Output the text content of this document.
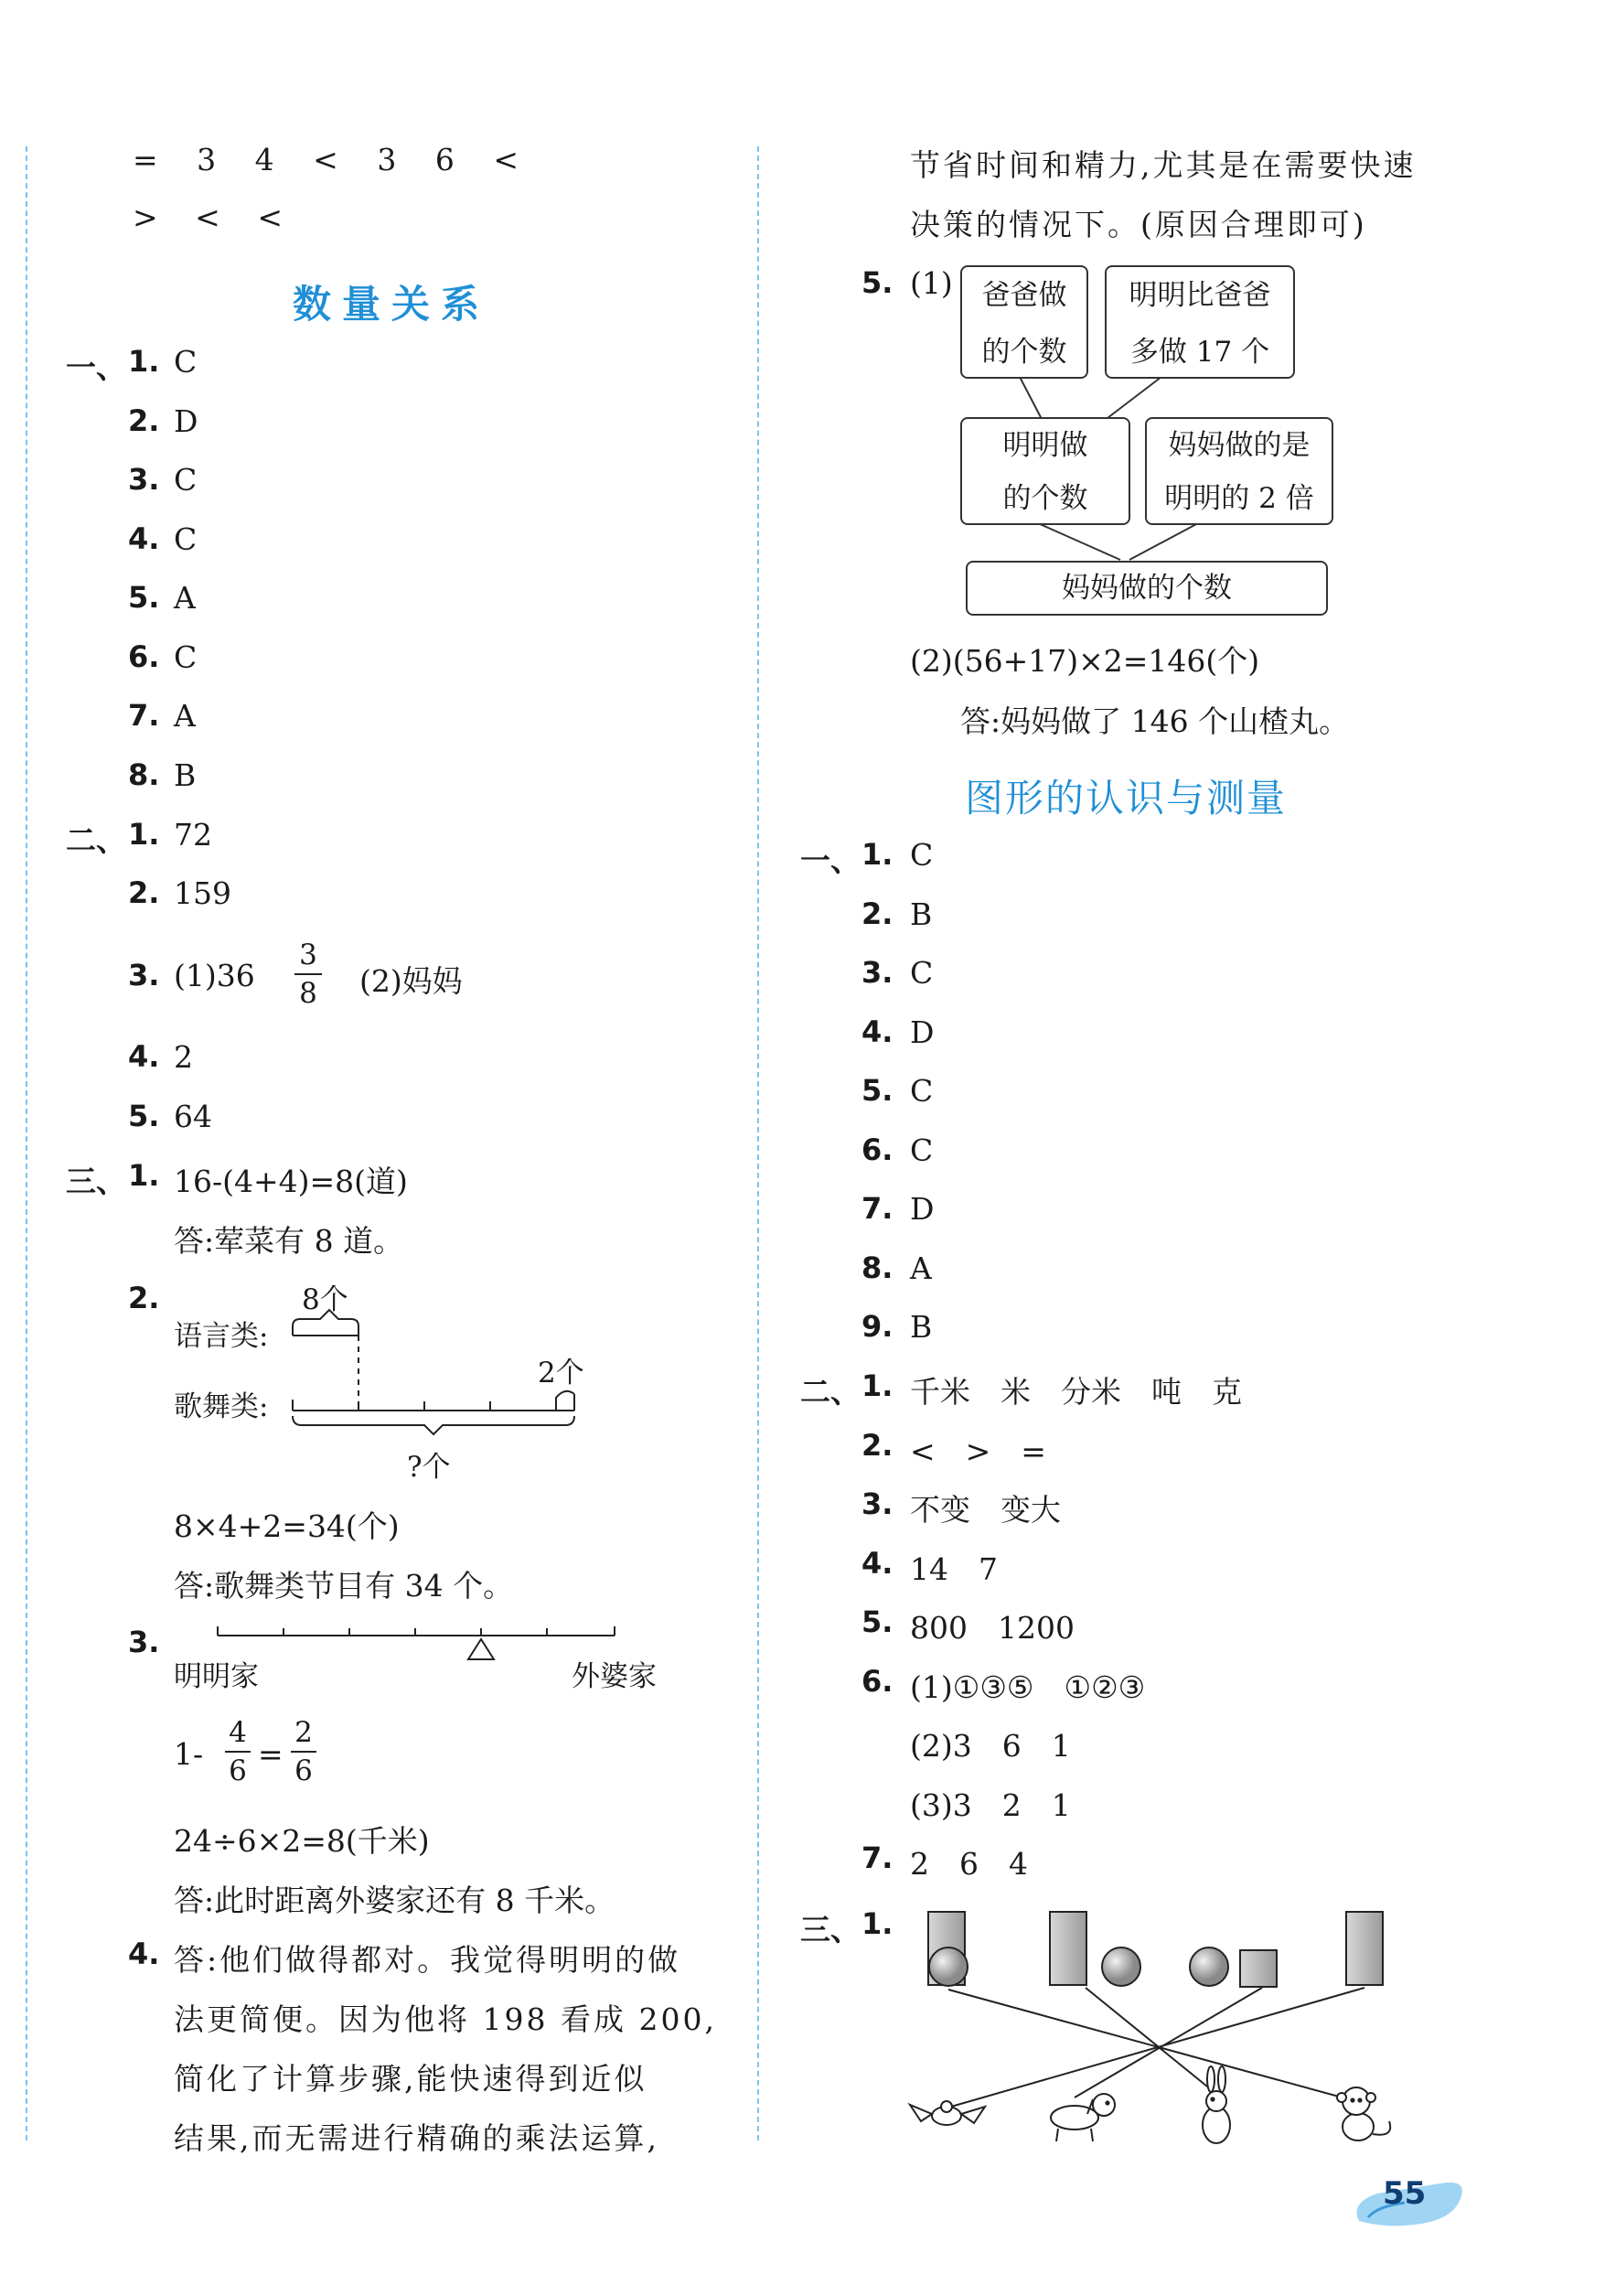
= 3 4 < 3 6 <
> < <
数量关系
一、 1. C
2. D
3. C
4. C
5. A
6. C
7. A
8. B
二、 1. 72
2. 159
3. (1)36
3
8 (2)妈妈
4. 2
5. 64
三、 1. 16-(4+4)=8(道)
答:荤菜有 8 道。
2.	8个
语言类:
歌舞类:
2个
?个
8×4+2=34(个)
答:歌舞类节目有 34 个。
3.
明明家	外婆家
1-
4
6 =
2
6
24÷6×2=8(千米)
答:此时距离外婆家还有 8 千米。
4. 答:他们做得都对。我觉得明明的做
法更简便。因为他将 198 看成 200,
简化了计算步骤,能快速得到近似
结果,而无需进行精确的乘法运算,
节省时间和精力,尤其是在需要快速
决策的情况下。(原因合理即可)
5. (1)	爸爸做
的个数
明明比爸爸
多做 17 个
明明做
的个数
妈妈做的是
明明的 2 倍
妈妈做的个数
(2)(56+17)×2=146(个)
答:妈妈做了 146 个山楂丸。
图形的认识与测量
一、 1. C
2. B
3. C
4. D
5. C
6. C
7. D
8. A
9. B
二、 1. 千米　米　分米　吨　克
2. <　>　=
3. 不变　变大
4. 14　7
5. 800　1200
6. (1)①③⑤　①②③
(2)3　6　1
(3)3　2　1
7. 2　6　4
三、 1.
55
